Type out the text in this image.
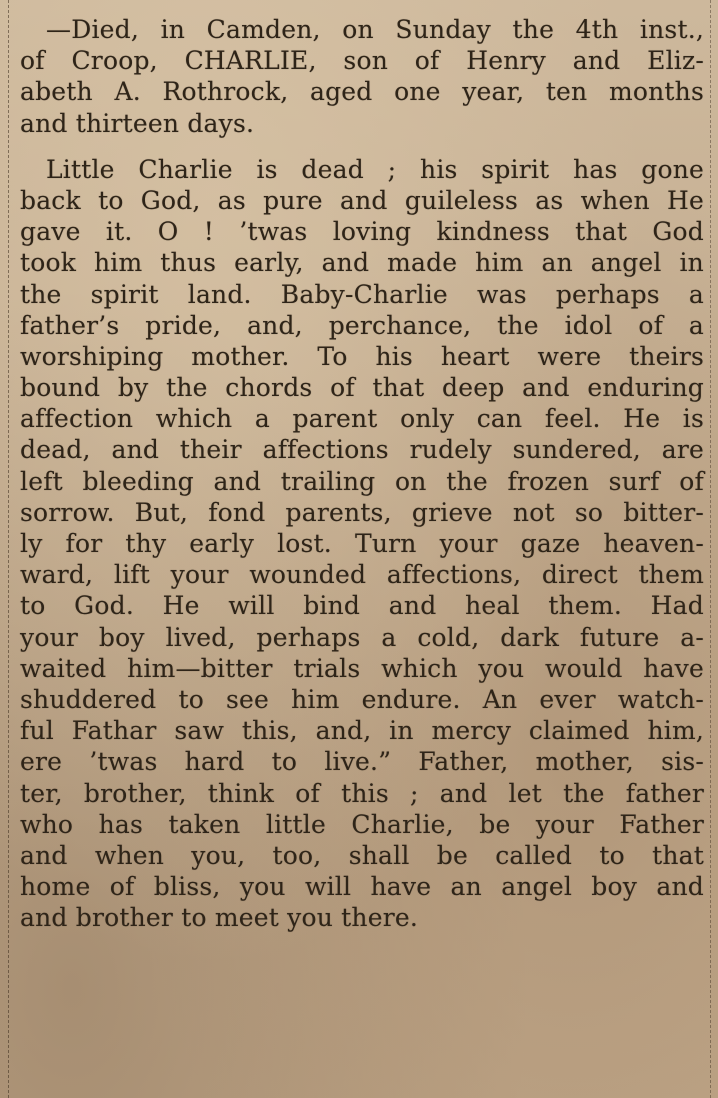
—Died, in Camden, on Sunday the 4th inst.,
of Croop, CHARLIE, son of Henry and Eliz-
abeth A. Rothrock, aged one year, ten months
and thirteen days.
Little Charlie is dead ; his spirit has gone
back to God, as pure and guileless as when He
gave it. O ! ’twas loving kindness that God
took him thus early, and made him an angel in
the spirit land. Baby-Charlie was perhaps a
father’s pride, and, perchance, the idol of a
worshiping mother. To his heart were theirs
bound by the chords of that deep and enduring
affection which a parent only can feel. He is
dead, and their affections rudely sundered, are
left bleeding and trailing on the frozen surf of
sorrow. But, fond parents, grieve not so bitter-
ly for thy early lost. Turn your gaze heaven-
ward, lift your wounded affections, direct them
to God. He will bind and heal them. Had
your boy lived, perhaps a cold, dark future a-
waited him—bitter trials which you would have
shuddered to see him endure. An ever watch-
ful Fathar saw this, and, in mercy claimed him,
ere ’twas hard to live.” Father, mother, sis-
ter, brother, think of this ; and let the father
who has taken little Charlie, be your Father
and when you, too, shall be called to that
home of bliss, you will have an angel boy and
and brother to meet you there.
